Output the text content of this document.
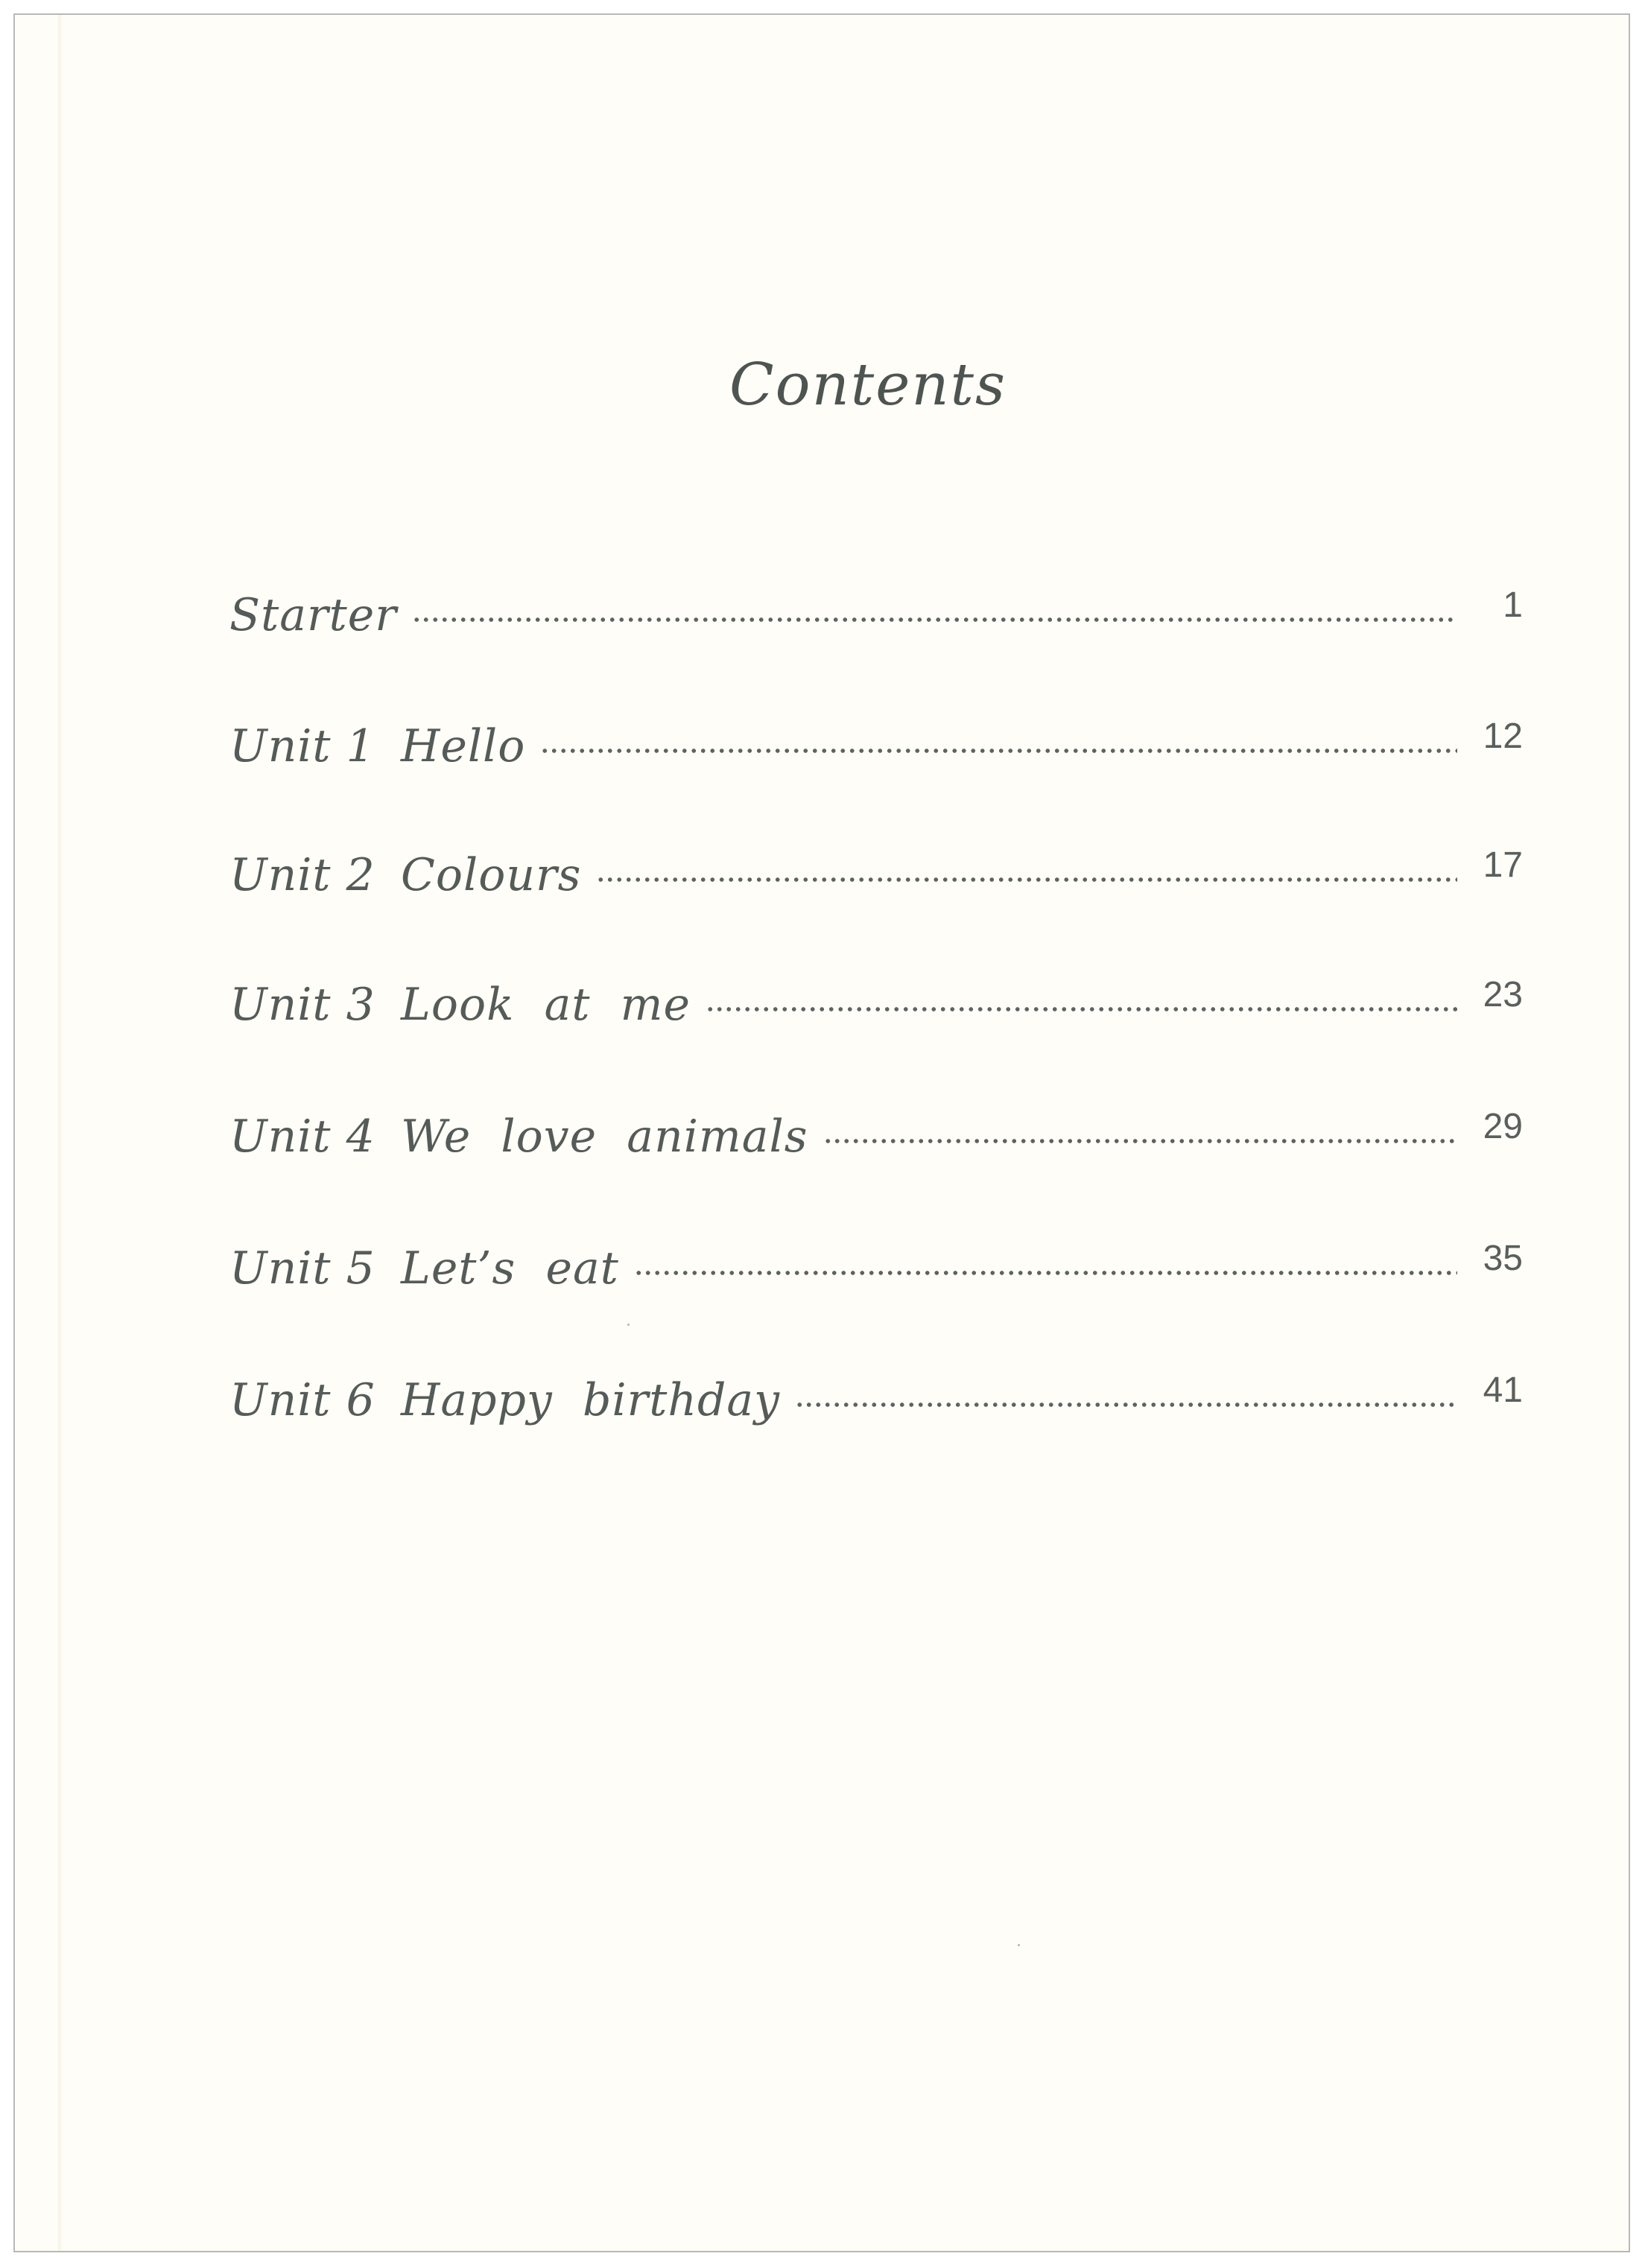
Contents
Starter	1
Unit 1 Hello	12
Unit 2 Colours	17
Unit 3 Look  at  me	23
Unit 4 We  love  animals	29
Unit 5 Let’s  eat	35
Unit 6 Happy  birthday	41
